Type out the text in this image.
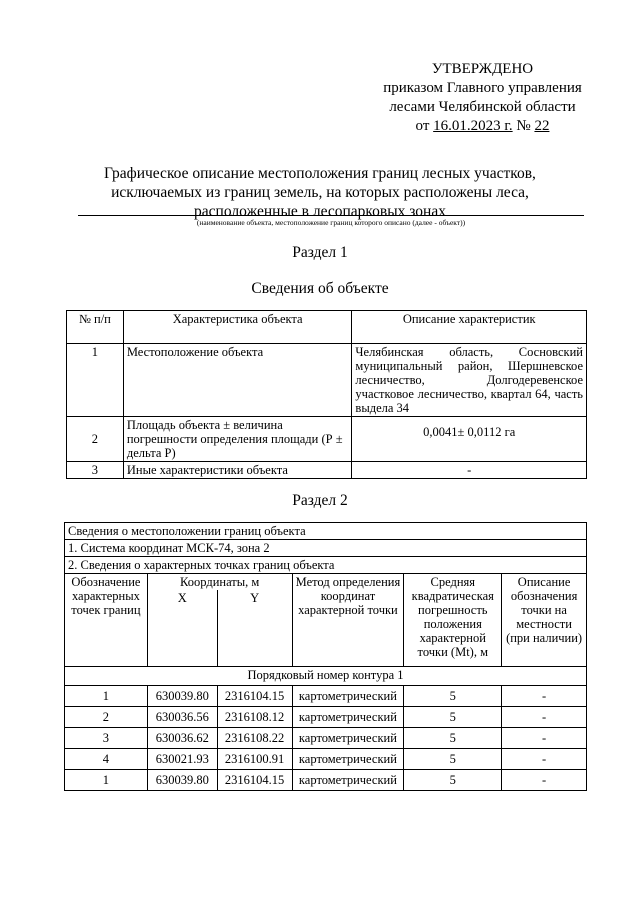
УТВЕРЖДЕНО
приказом Главного управления
лесами Челябинской области
от 16.01.2023 г. № 22
Графическое описание местоположения границ лесных участков,
исключаемых из границ земель, на которых расположены леса,
расположенные в лесопарковых зонах
(наименование объекта, местоположение границ которого описано (далее - объект))
Раздел 1
Сведения об объекте
№ п/п	Характеристика объекта	Описание характеристик
1	Местоположение объекта	Челябинская область, Сосновский муниципальный район, Шершневское лесничество, Долгодеревенское участковое лесничество, квартал 64, часть выдела 34
2	Площадь объекта ± величина погрешности определения площади (Р ± дельта Р)	0,0041± 0,0112 га
3	Иные характеристики объекта	-
Раздел 2
Сведения о местоположении границ объекта					
1. Система координат МСК-74, зона 2					
2. Сведения о характерных точках границ объекта					
Обозначение характерных точек границ	Координаты, м		Метод определения координат характерной точки	Средняя квадратическая погрешность положения характерной точки (Mt), м	Описание обозначения точки на местности (при наличии)
	X	Y			
Порядковый номер контура 1					
1	630039.80	2316104.15	картометрический	5	-
2	630036.56	2316108.12	картометрический	5	-
3	630036.62	2316108.22	картометрический	5	-
4	630021.93	2316100.91	картометрический	5	-
1	630039.80	2316104.15	картометрический	5	-
